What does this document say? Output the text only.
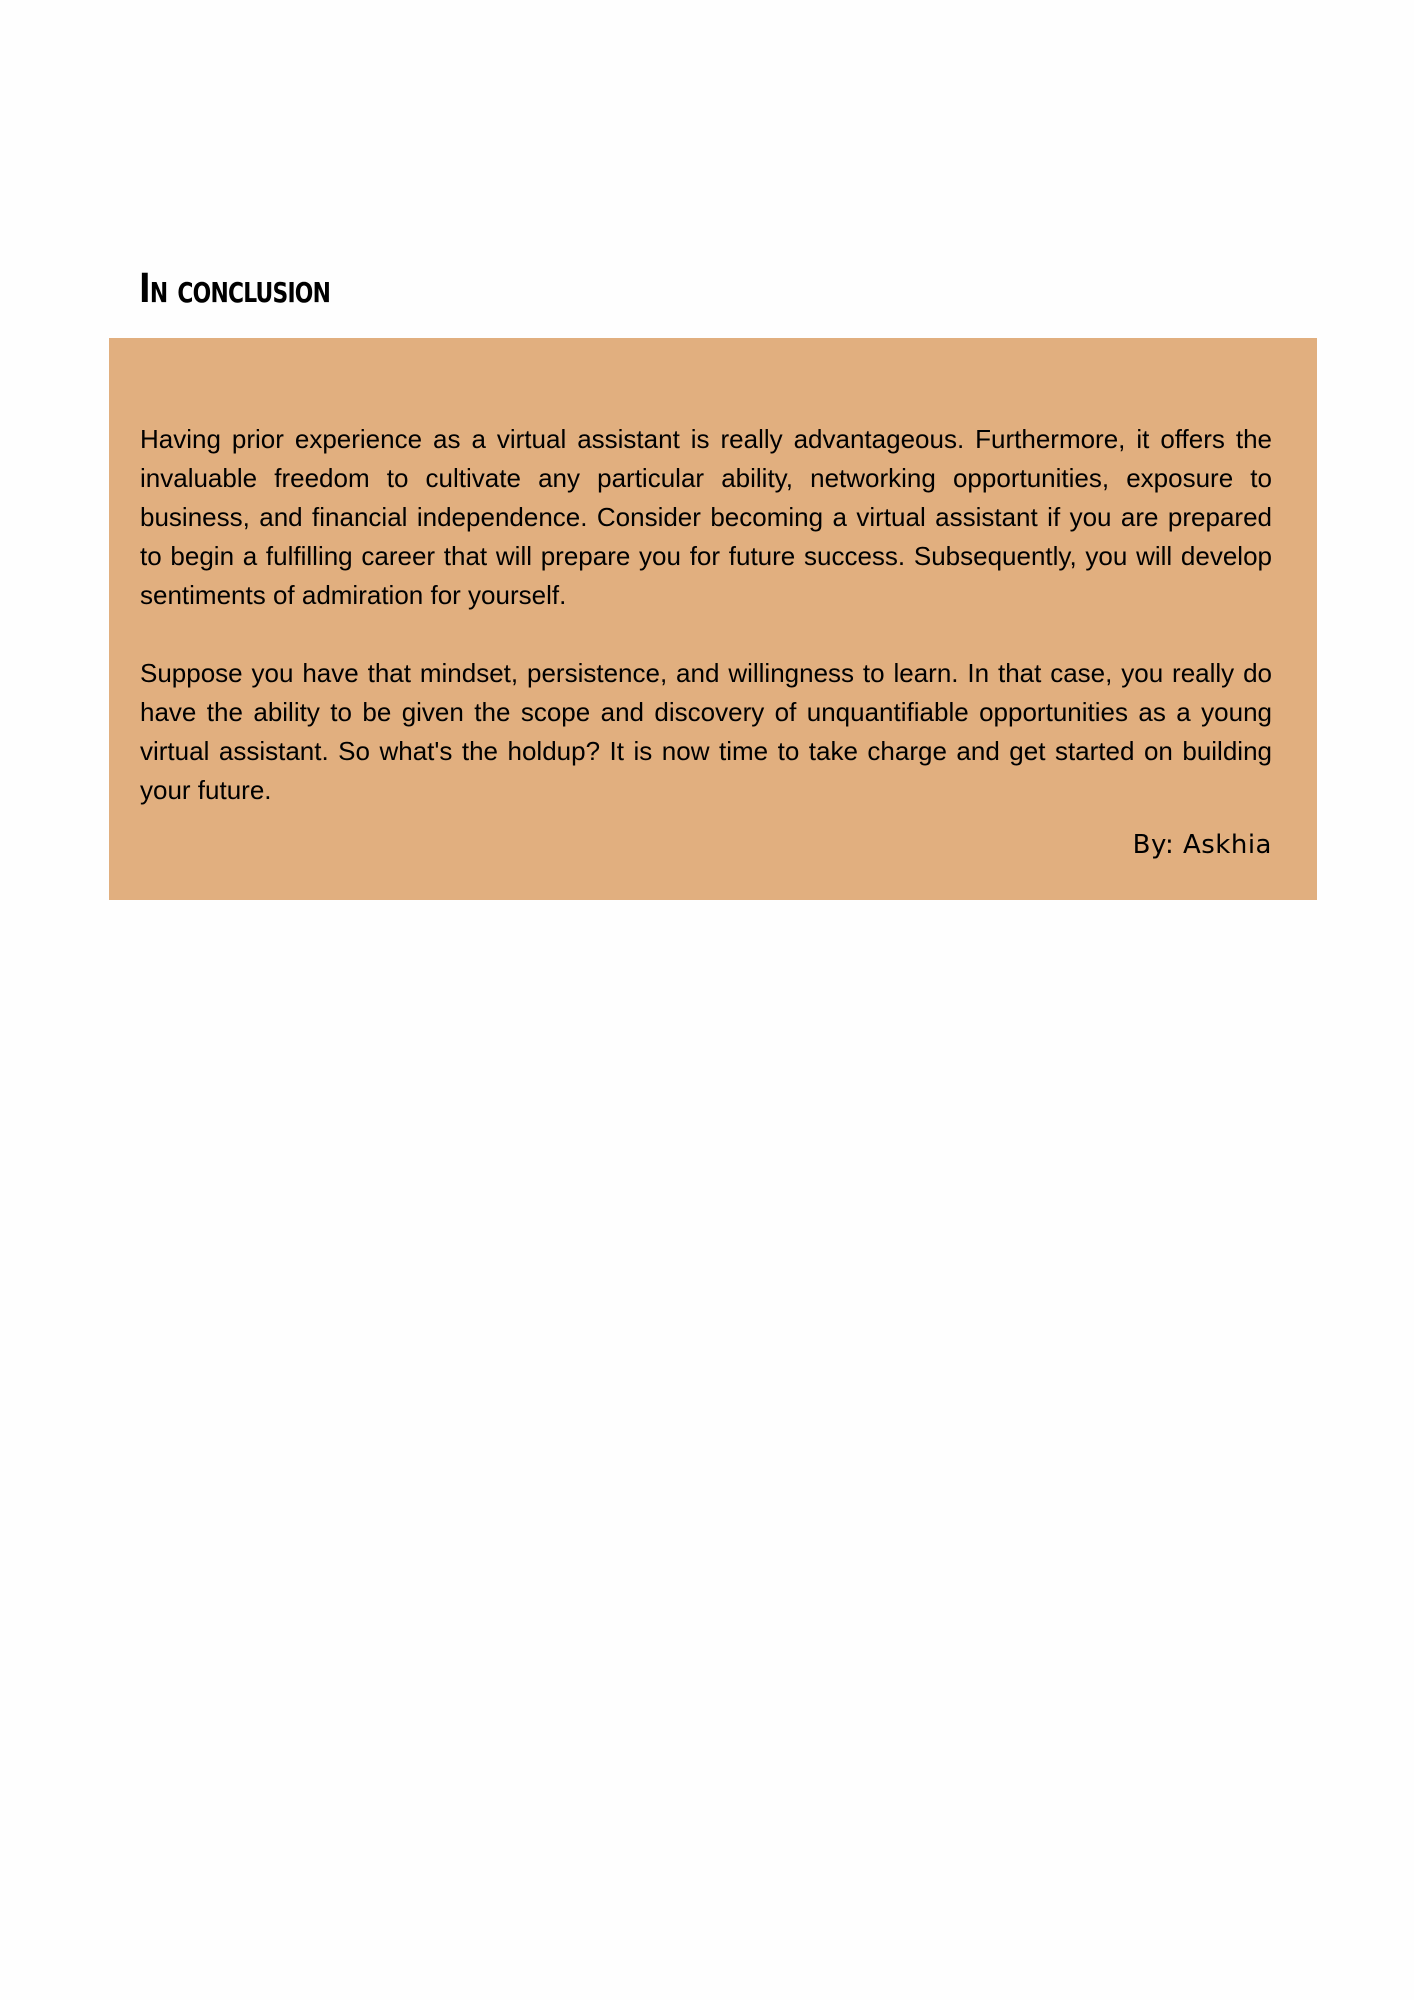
In conclusion

Having prior experience as a virtual assistant is really advantageous. Furthermore, it offers the invaluable freedom to cultivate any particular ability, networking opportunities, exposure to business, and financial independence. Consider becoming a virtual assistant if you are prepared to begin a fulfilling career that will prepare you for future success. Subsequently, you will develop sentiments of admiration for yourself.

Suppose you have that mindset, persistence, and willingness to learn. In that case, you really do have the ability to be given the scope and discovery of unquantifiable opportunities as a young virtual assistant. So what's the holdup? It is now time to take charge and get started on building your future.

By: Askhia
